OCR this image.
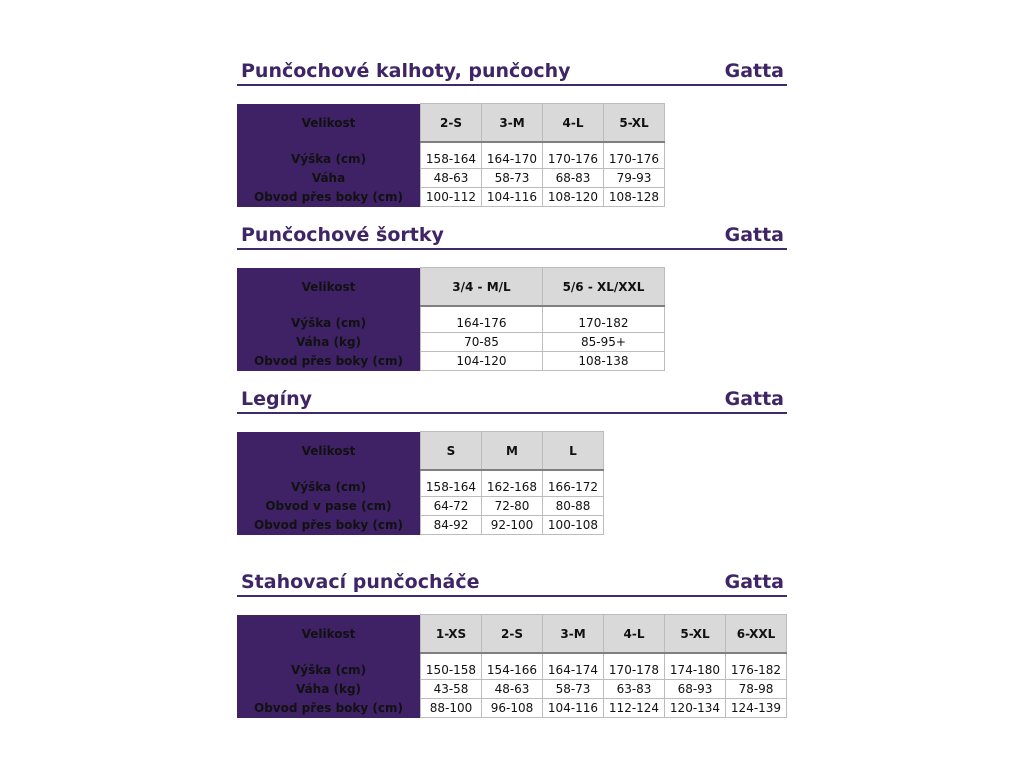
Punčochové kalhoty, punčochy	Gatta
Velikost	2-S	3-M	4-L	5-XL

Výška (cm)	158-164	164-170	170-176	170-176
Váha	48-63	58-73	68-83	79-93
Obvod přes boky (cm)	100-112	104-116	108-120	108-128
Punčochové šortky	Gatta
Velikost	3/4 - M/L	5/6 - XL/XXL

Výška (cm)	164-176	170-182
Váha (kg)	70-85	85-95+
Obvod přes boky (cm)	104-120	108-138
Legíny	Gatta
Velikost	S	M	L

Výška (cm)	158-164	162-168	166-172
Obvod v pase (cm)	64-72	72-80	80-88
Obvod přes boky (cm)	84-92	92-100	100-108
Stahovací punčocháče	Gatta
Velikost	1-XS	2-S	3-M	4-L	5-XL	6-XXL

Výška (cm)	150-158	154-166	164-174	170-178	174-180	176-182
Váha (kg)	43-58	48-63	58-73	63-83	68-93	78-98
Obvod přes boky (cm)	88-100	96-108	104-116	112-124	120-134	124-139
